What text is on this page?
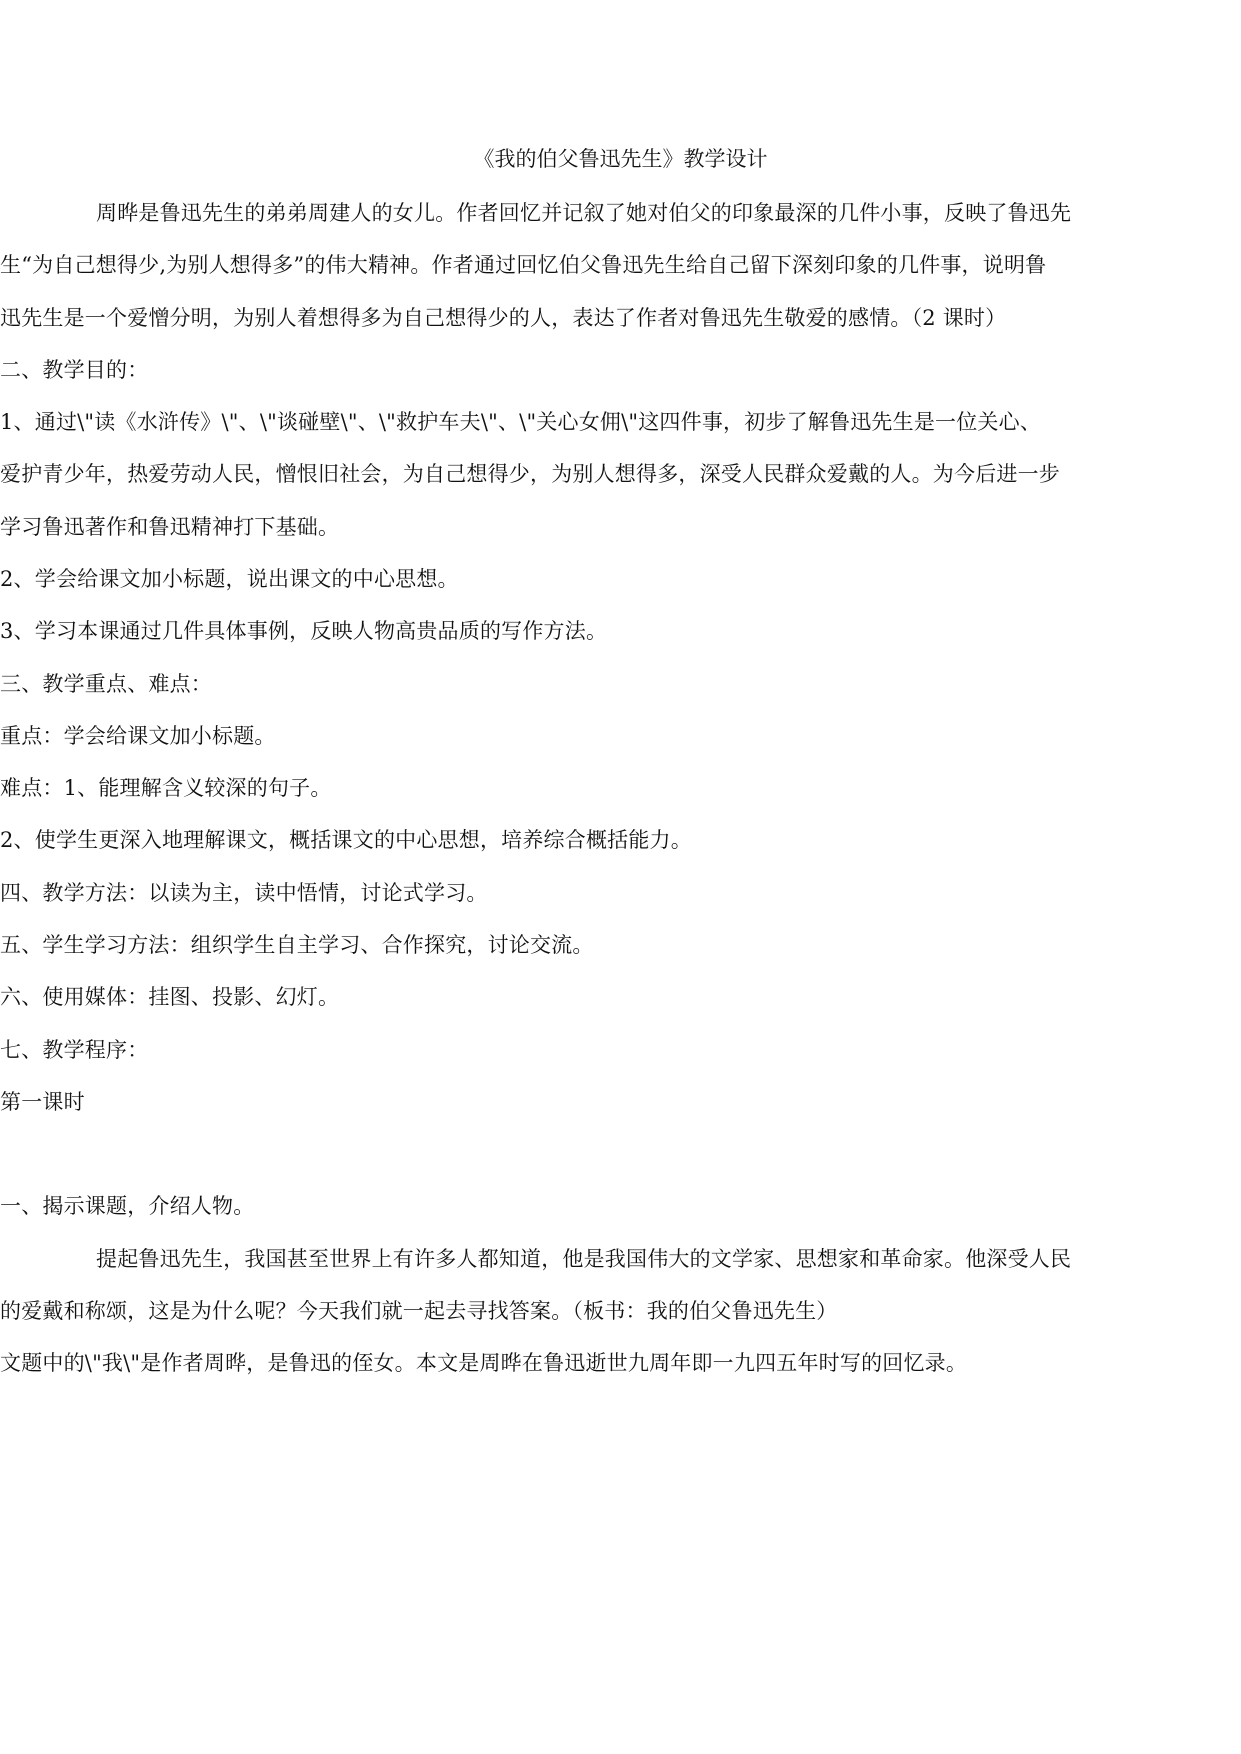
《我的伯父鲁迅先生》教学设计
周晔是鲁迅先生的弟弟周建人的女儿。作者回忆并记叙了她对伯父的印象最深的几件小事，反映了鲁迅先
生“为自己想得少,为别人想得多”的伟大精神。作者通过回忆伯父鲁迅先生给自己留下深刻印象的几件事，说明鲁
迅先生是一个爱憎分明，为别人着想得多为自己想得少的人，表达了作者对鲁迅先生敬爱的感情。（2 课时）
二、教学目的：
1、通过\"读《水浒传》\"、\"谈碰壁\"、\"救护车夫\"、\"关心女佣\"这四件事，初步了解鲁迅先生是一位关心、
爱护青少年，热爱劳动人民，憎恨旧社会，为自己想得少，为别人想得多，深受人民群众爱戴的人。为今后进一步
学习鲁迅著作和鲁迅精神打下基础。
2、学会给课文加小标题，说出课文的中心思想。
3、学习本课通过几件具体事例，反映人物高贵品质的写作方法。
三、教学重点、难点：
重点：学会给课文加小标题。
难点：1、能理解含义较深的句子。
2、使学生更深入地理解课文，概括课文的中心思想，培养综合概括能力。
四、教学方法：以读为主，读中悟情，讨论式学习。
五、学生学习方法：组织学生自主学习、合作探究，讨论交流。
六、使用媒体：挂图、投影、幻灯。
七、教学程序：
第一课时
一、揭示课题，介绍人物。
提起鲁迅先生，我国甚至世界上有许多人都知道，他是我国伟大的文学家、思想家和革命家。他深受人民
的爱戴和称颂，这是为什么呢？今天我们就一起去寻找答案。（板书：我的伯父鲁迅先生）
文题中的\"我\"是作者周晔，是鲁迅的侄女。本文是周晔在鲁迅逝世九周年即一九四五年时写的回忆录。
